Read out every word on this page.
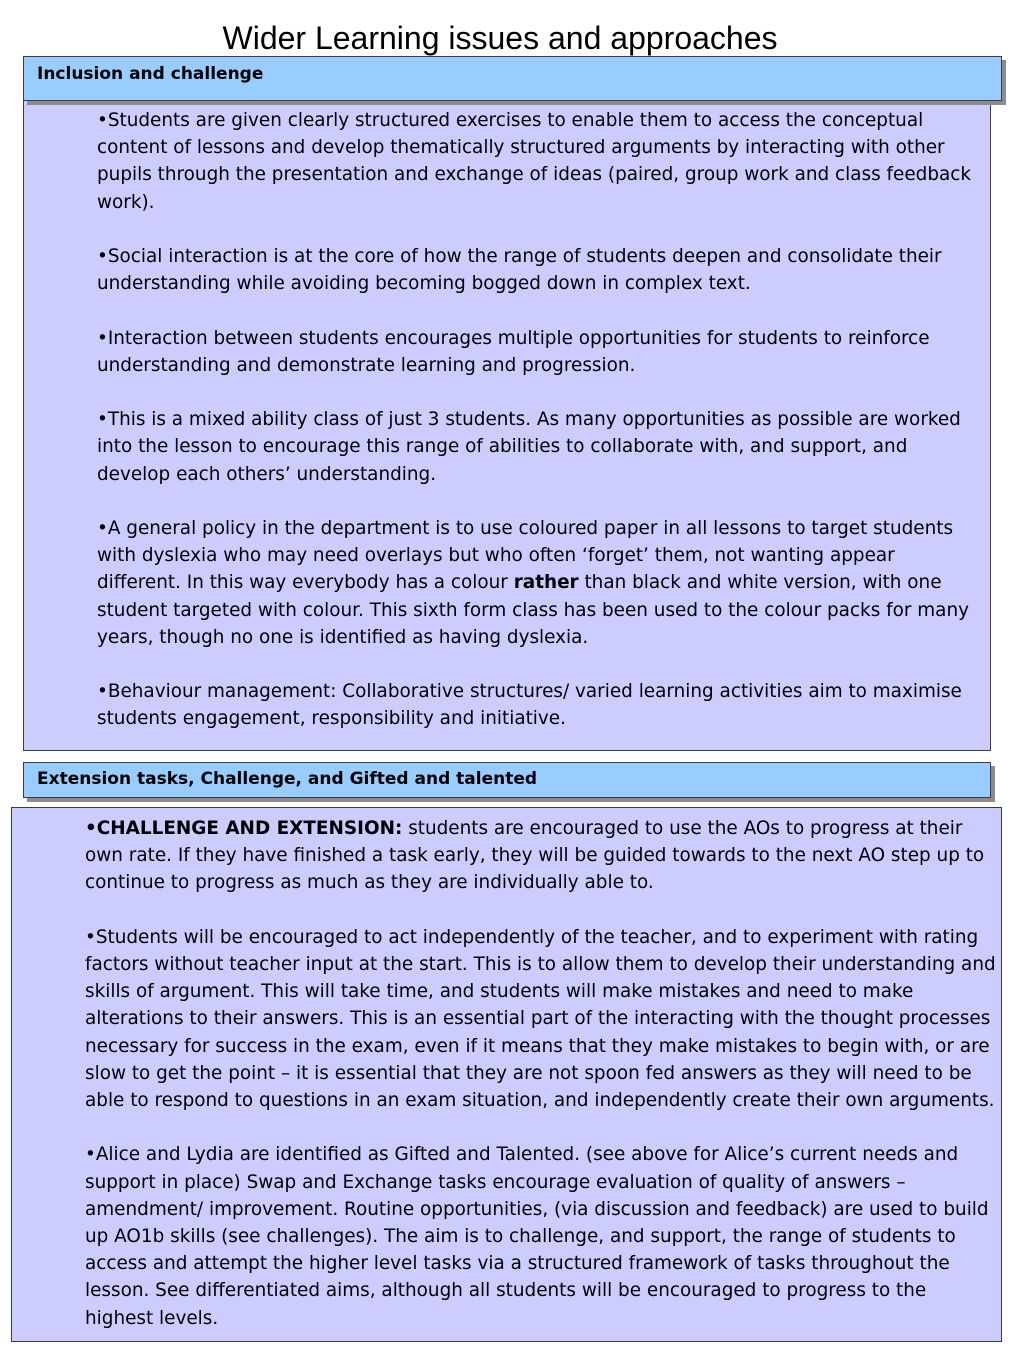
Wider Learning issues and approaches

•Students are given clearly structured exercises to enable them to access the conceptual content of lessons and develop thematically structured arguments by interacting with other pupils through the presentation and exchange of ideas (paired, group work and class feedback work).

•Social interaction is at the core of how the range of students deepen and consolidate their understanding while avoiding becoming bogged down in complex text.

•Interaction between students encourages multiple opportunities for students to reinforce understanding and demonstrate learning and progression.

•This is a mixed ability class of just 3 students. As many opportunities as possible are worked into the lesson to encourage this range of abilities to collaborate with, and support, and develop each others’ understanding.

•A general policy in the department is to use coloured paper in all lessons to target students with dyslexia who may need overlays but who often ‘forget’ them, not wanting appear different. In this way everybody has a colour rather than black and white version, with one student targeted with colour. This sixth form class has been used to the colour packs for many years, though no one is identified as having dyslexia.

•Behaviour management: Collaborative structures/ varied learning activities aim to maximise students engagement, responsibility and initiative.

Inclusion and challenge
Extension tasks, Challenge, and Gifted and talented

•CHALLENGE AND EXTENSION: students are encouraged to use the AOs to progress at their own rate. If they have finished a task early, they will be guided towards to the next AO step up to continue to progress as much as they are individually able to.

•Students will be encouraged to act independently of the teacher, and to experiment with rating factors without teacher input at the start. This is to allow them to develop their understanding and skills of argument. This will take time, and students will make mistakes and need to make alterations to their answers. This is an essential part of the interacting with the thought processes necessary for success in the exam, even if it means that they make mistakes to begin with, or are slow to get the point – it is essential that they are not spoon fed answers as they will need to be able to respond to questions in an exam situation, and independently create their own arguments.

•Alice and Lydia are identified as Gifted and Talented. (see above for Alice’s current needs and support in place) Swap and Exchange tasks encourage evaluation of quality of answers – amendment/ improvement. Routine opportunities, (via discussion and feedback) are used to build up AO1b skills (see challenges). The aim is to challenge, and support, the range of students to access and attempt the higher level tasks via a structured framework of tasks throughout the lesson. See differentiated aims, although all students will be encouraged to progress to the highest levels.
